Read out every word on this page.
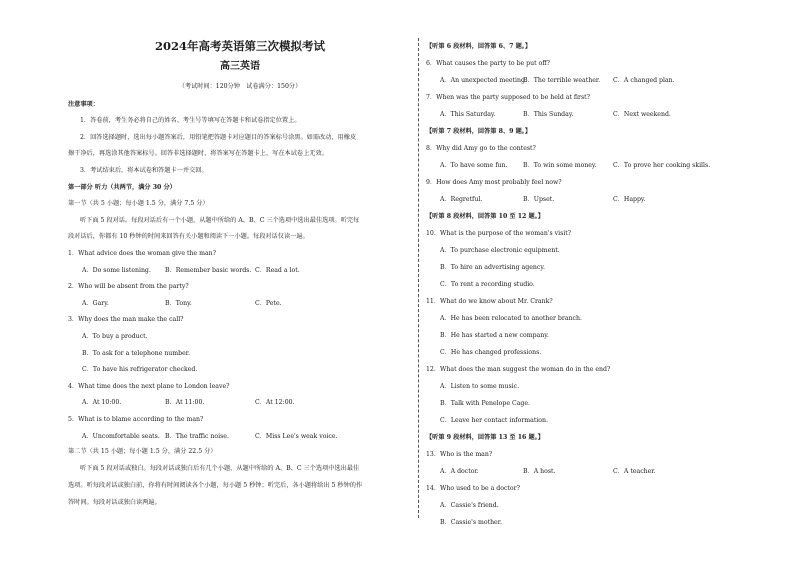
2024年高考英语第三次模拟考试
高三英语
（考试时间：120分钟　试卷满分：150分）
注意事项：
1．答卷前，考生务必将自己的姓名、考生号等填写在答题卡和试卷指定位置上。
2．回答选择题时，选出每小题答案后，用铅笔把答题卡对应题目的答案标号涂黑。如需改动，用橡皮
擦干净后，再选涂其他答案标号。回答非选择题时，将答案写在答题卡上，写在本试卷上无效。
3．考试结束后，将本试卷和答题卡一并交回。
第一部分 听力（共两节，满分 30 分）
第一节（共 5 小题；每小题 1.5 分，满分 7.5 分）
听下面 5 段对话。每段对话后有一个小题，从题中所给的 A、B、C 三个选项中选出最佳选项。听完每
段对话后，你都有 10 秒钟的时间来回答有关小题和阅读下一小题。每段对话仅读一遍。
第二节（共 15 小题；每小题 1.5 分，满分 22.5 分）
听下面 5 段对话或独白。每段对话或独白后有几个小题，从题中所给的 A、B、C 三个选项中选出最佳
选项。听每段对话或独白前，你将有时间阅读各个小题，每小题 5 秒钟；听完后，各小题将给出 5 秒钟的作
答时间。每段对话或独白读两遍。
1．What advice does the woman give the man?
A．Do some listening. B．Remember basic words. C．Read a lot.
2．Who will be absent from the party?
A．Gary.	B．Tony.	C．Pete.
3．Why does the man make the call?
A．To buy a product.
B．To ask for a telephone number.
C．To have his refrigerator checked.
4．What time does the next plane to London leave?
A．At 10:00.	B．At 11:00.	C．At 12:00.
5．What is to blame according to the man?
A．Uncomfortable seats. B．The traffic noise.	C．Miss Lee's weak voice.
【听第 6 段材料，回答第 6、7 题。】
6．What causes the party to be put off?
A．An unexpected meeting.
B．The terrible weather. C．A changed plan.
7．When was the party supposed to be held at first?
A．This Saturday.	B．This Sunday.	C．Next weekend.
【听第 7 段材料，回答第 8、9 题。】
8．Why did Amy go to the contest?
A．To have some fun.	B．To win some money.	C．To prove her cooking skills.
9．How does Amy most probably feel now?
A．Regretful.	B．Upset.	C．Happy.
【听第 8 段材料，回答第 10 至 12 题。】
10．What is the purpose of the woman's visit?
A．To purchase electronic equipment.
B．To hire an advertising agency.
C．To rent a recording studio.
11．What do we know about Mr. Crank?
A．He has been relocated to another branch.
B．He has started a new company.
C．He has changed professions.
12．What does the man suggest the woman do in the end?
A．Listen to some music.
B．Talk with Penelope Cage.
C．Leave her contact information.
【听第 9 段材料，回答第 13 至 16 题。】
13．Who is the man?
A．A doctor.	B．A host.	C．A teacher.
14．Who used to be a doctor?
A．Cassie's friend.
B．Cassie's mother.
